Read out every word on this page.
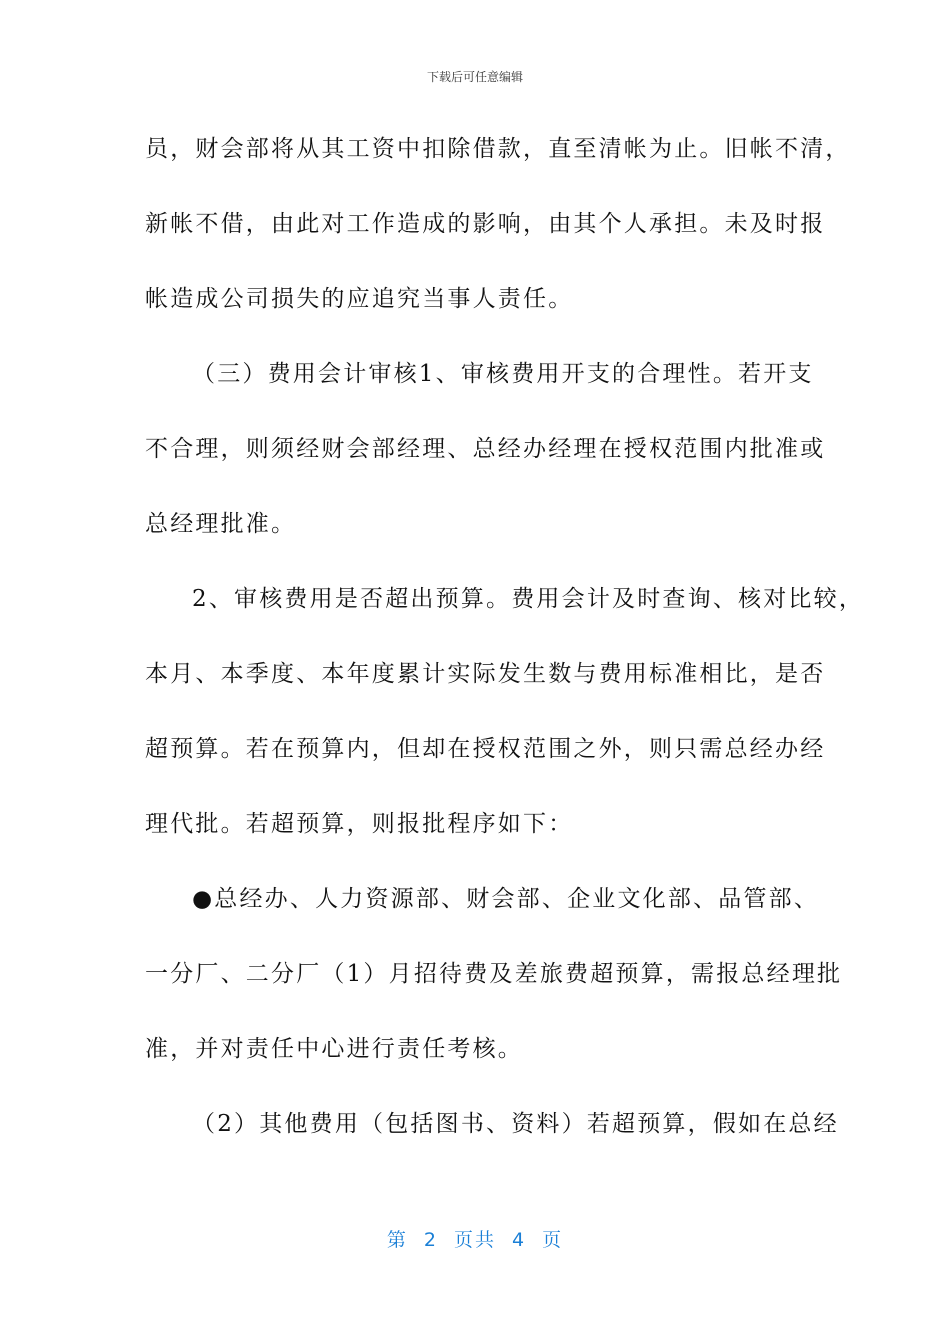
下载后可任意编辑
员，财会部将从其工资中扣除借款，直至清帐为止。旧帐不清，
新帐不借，由此对工作造成的影响，由其个人承担。未及时报
帐造成公司损失的应追究当事人责任。
（三）费用会计审核1、审核费用开支的合理性。若开支
不合理，则须经财会部经理、总经办经理在授权范围内批准或
总经理批准。
2、审核费用是否超出预算。费用会计及时查询、核对比较，
本月、本季度、本年度累计实际发生数与费用标准相比，是否
超预算。若在预算内，但却在授权范围之外，则只需总经办经
理代批。若超预算，则报批程序如下：
●总经办、人力资源部、财会部、企业文化部、品管部、
一分厂、二分厂（1）月招待费及差旅费超预算，需报总经理批
准，并对责任中心进行责任考核。
（2）其他费用（包括图书、资料）若超预算，假如在总经
第 2 页共 4 页
